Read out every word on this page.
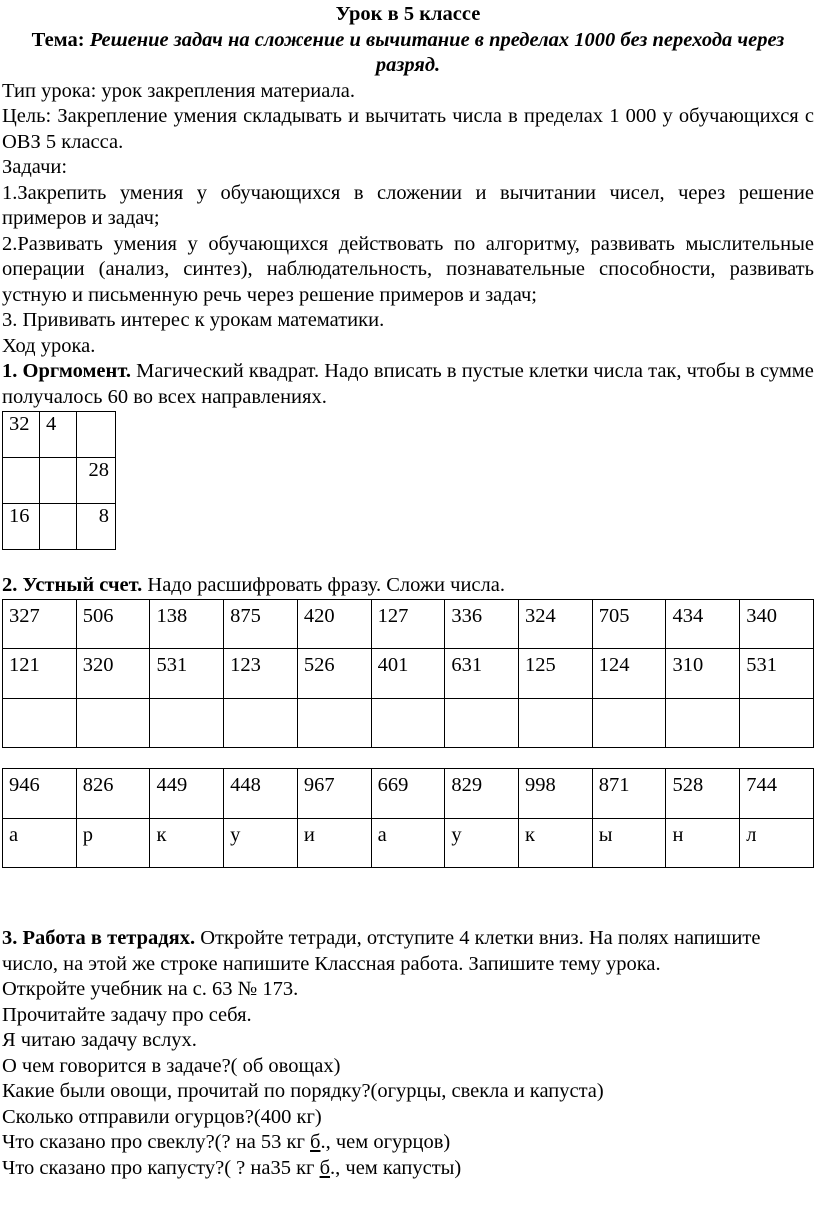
Урок в 5 классе
Тема: Решение задач на сложение и вычитание в пределах 1000 без перехода через разряд.

Тип урока: урок закрепления материала.

Цель: Закрепление умения складывать и вычитать числа в пределах 1 000 у обучающихся с ОВЗ 5 класса.

Задачи:

1.Закрепить умения у обучающихся в сложении и вычитании чисел, через решение примеров и задач;

2.Развивать умения у обучающихся действовать по алгоритму, развивать мыслительные операции (анализ, синтез), наблюдательность, познавательные способности, развивать устную и письменную речь через решение примеров и задач;

3. Прививать интерес к урокам математики.

Ход урока.

1. Оргмомент. Магический квадрат. Надо вписать в пустые клетки числа так, чтобы в сумме получалось 60 во всех направлениях.

32	4	
		28
16		8

2. Устный счет. Надо расшифровать фразу. Сложи числа.

327	506	138	875	420	127	336	324	705	434	340
121	320	531	123	526	401	631	125	124	310	531

946	826	449	448	967	669	829	998	871	528	744
а	р	к	у	и	а	у	к	ы	н	л

3. Работа в тетрадях. Откройте тетради, отступите 4 клетки вниз. На полях напишите число, на этой же строке напишите Классная работа. Запишите тему урока.

Откройте учебник на с. 63 № 173.

Прочитайте задачу про себя.

Я читаю задачу вслух.

О чем говорится в задаче?( об овощах)

Какие были овощи, прочитай по порядку?(огурцы, свекла и капуста)

Сколько отправили огурцов?(400 кг)

Что сказано про свеклу?(? на 53 кг б., чем огурцов)

Что сказано про капусту?( ? на35 кг б., чем капусты)
